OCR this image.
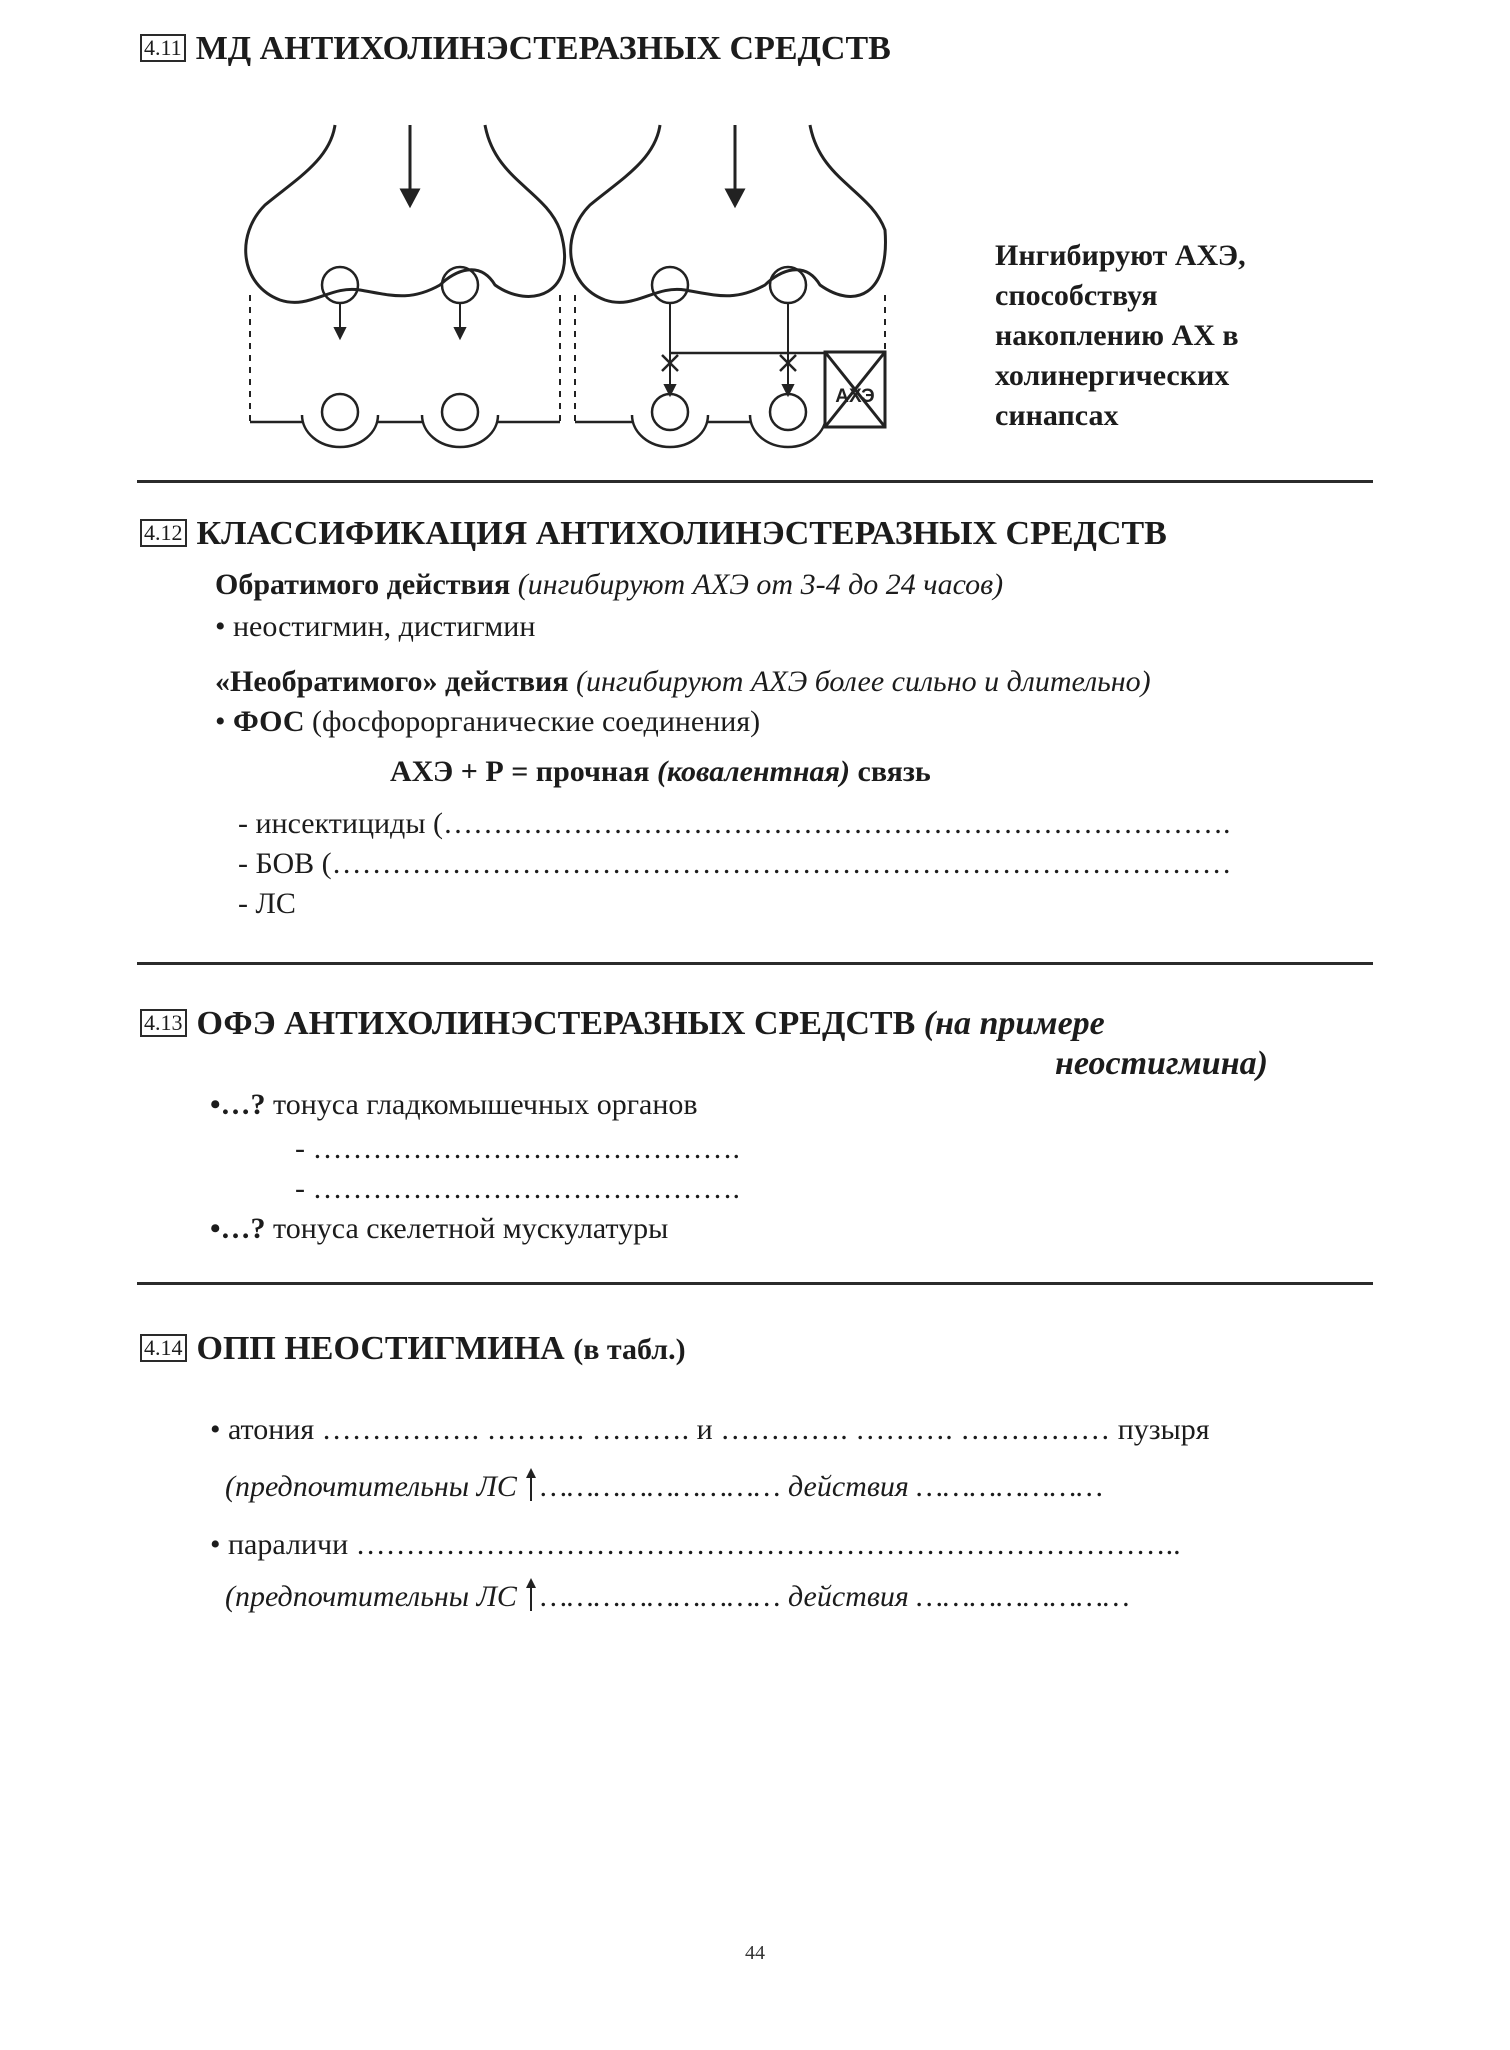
4.11 МД АНТИХОЛИНЭСТЕРАЗНЫХ СРЕДСТВ
АХЭ
Ингибируют АХЭ,
способствуя
накоплению АХ в
холинергических
синапсах
4.12 КЛАССИФИКАЦИЯ АНТИХОЛИНЭСТЕРАЗНЫХ СРЕДСТВ
Обратимого действия (ингибируют АХЭ от 3-4 до 24 часов)
• неостигмин, дистигмин
«Необратимого» действия (ингибируют АХЭ более сильно и длительно)
• ФОС (фосфорорганические соединения)
АХЭ + Р = прочная (ковалентная) связь
- инсектициды (…………………………………………………………………….
- БОВ (………………………………………………………………………………
- ЛС
4.13 ОФЭ АНТИХОЛИНЭСТЕРАЗНЫХ СРЕДСТВ (на примере
неостигмина)
•…? тонуса гладкомышечных органов
- …………………………………….
- …………………………………….
•…? тонуса скелетной мускулатуры
4.14 ОПП НЕОСТИГМИНА (в табл.)
• атония ……………. ………. ………. и …………. ………. …………… пузыря
(предпочтительны ЛС ……………………… действия …………………
• параличи ………………………………………………………………………..
(предпочтительны ЛС ……………………… действия ……………………
44
